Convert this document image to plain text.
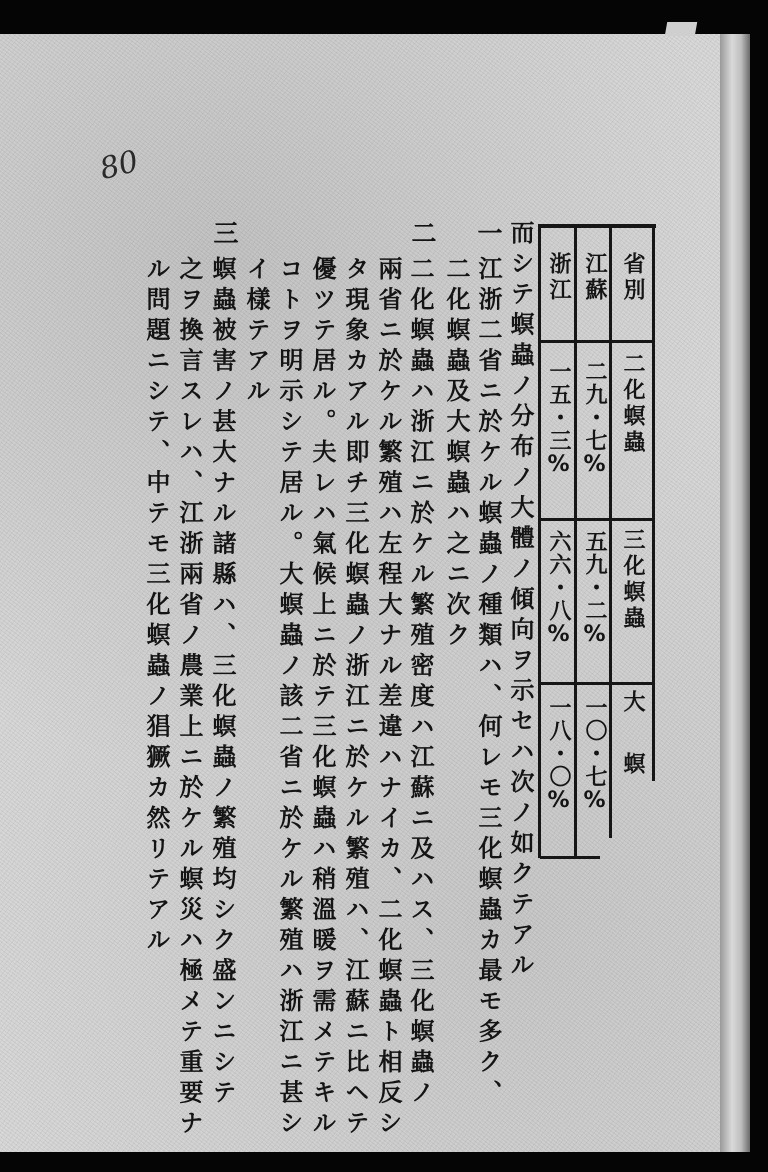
80
省別
二化螟蟲
三化螟蟲
大螟
江蘇
二九・七%
五九・二%
一〇・七%
浙江
一五・三%
六六・八%
一八・〇%
而シテ螟蟲ノ分布ノ大體ノ傾向ヲ示セハ次ノ如クテアル
一
江浙二省ニ於ケル螟蟲ノ種類ハ、何レモ三化螟蟲カ最モ多ク、
二化螟蟲及大螟蟲ハ之ニ次ク
二
二化螟蟲ハ浙江ニ於ケル繁殖密度ハ江蘇ニ及ハス、三化螟蟲ノ
兩省ニ於ケル繁殖ハ左程大ナル差違ハナイカ、二化螟蟲ト相反シ
タ現象カアル即チ三化螟蟲ノ浙江ニ於ケル繁殖ハ、江蘇ニ比ヘテ
優ツテ居ル。夫レハ氣候上ニ於テ三化螟蟲ハ稍溫暖ヲ需メテキル
コトヲ明示シテ居ル。大螟蟲ノ該二省ニ於ケル繁殖ハ浙江ニ甚シ
イ樣テアル
三
螟蟲被害ノ甚大ナル諸縣ハ、三化螟蟲ノ繁殖均シク盛ンニシテ
之ヲ換言スレハ、江浙兩省ノ農業上ニ於ケル螟災ハ極メテ重要ナ
ル問題ニシテ、中テモ三化螟蟲ノ猖獗カ然リテアル
